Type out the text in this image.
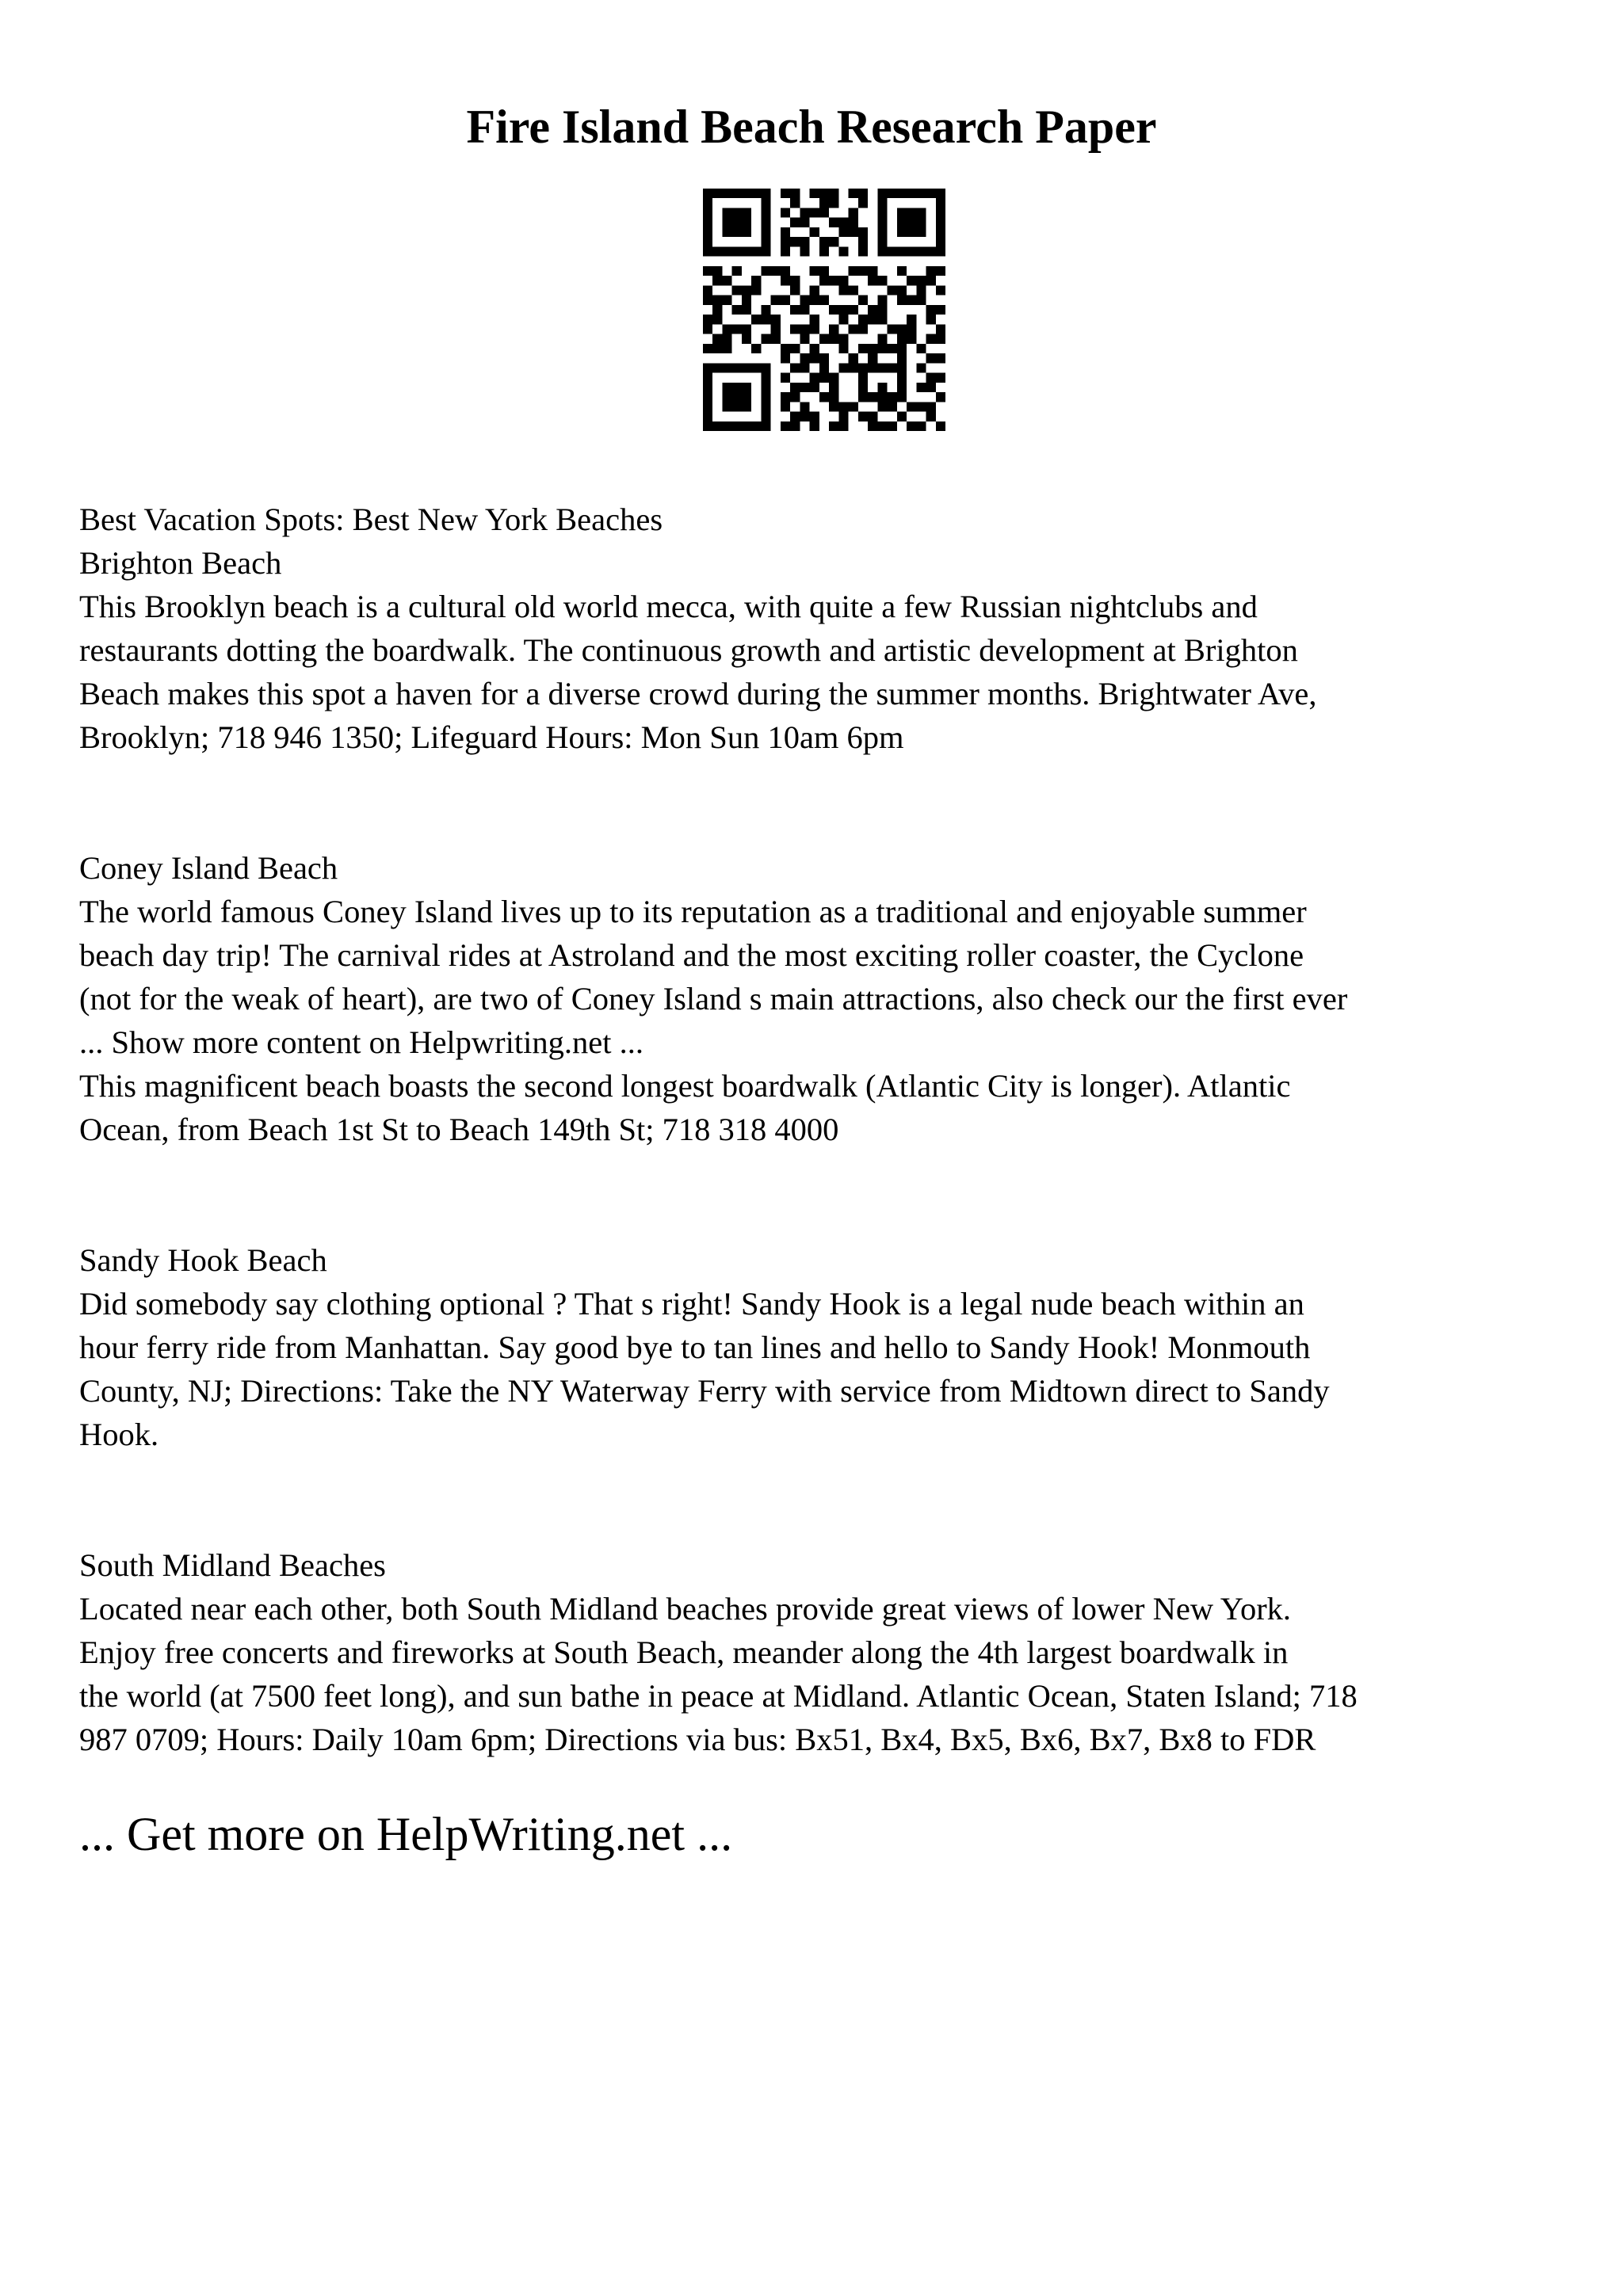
Fire Island Beach Research Paper
Best Vacation Spots: Best New York Beaches
Brighton Beach
This Brooklyn beach is a cultural old world mecca, with quite a few Russian nightclubs and
restaurants dotting the boardwalk. The continuous growth and artistic development at Brighton
Beach makes this spot a haven for a diverse crowd during the summer months. Brightwater Ave,
Brooklyn; 718 946 1350; Lifeguard Hours: Mon Sun 10am 6pm
Coney Island Beach
The world famous Coney Island lives up to its reputation as a traditional and enjoyable summer
beach day trip! The carnival rides at Astroland and the most exciting roller coaster, the Cyclone
(not for the weak of heart), are two of Coney Island s main attractions, also check our the first ever
... Show more content on Helpwriting.net ...
This magnificent beach boasts the second longest boardwalk (Atlantic City is longer). Atlantic
Ocean, from Beach 1st St to Beach 149th St; 718 318 4000
Sandy Hook Beach
Did somebody say clothing optional ? That s right! Sandy Hook is a legal nude beach within an
hour ferry ride from Manhattan. Say good bye to tan lines and hello to Sandy Hook! Monmouth
County, NJ; Directions: Take the NY Waterway Ferry with service from Midtown direct to Sandy
Hook.
South Midland Beaches
Located near each other, both South Midland beaches provide great views of lower New York.
Enjoy free concerts and fireworks at South Beach, meander along the 4th largest boardwalk in
the world (at 7500 feet long), and sun bathe in peace at Midland. Atlantic Ocean, Staten Island; 718
987 0709; Hours: Daily 10am 6pm; Directions via bus: Bx51, Bx4, Bx5, Bx6, Bx7, Bx8 to FDR
... Get more on HelpWriting.net ...
